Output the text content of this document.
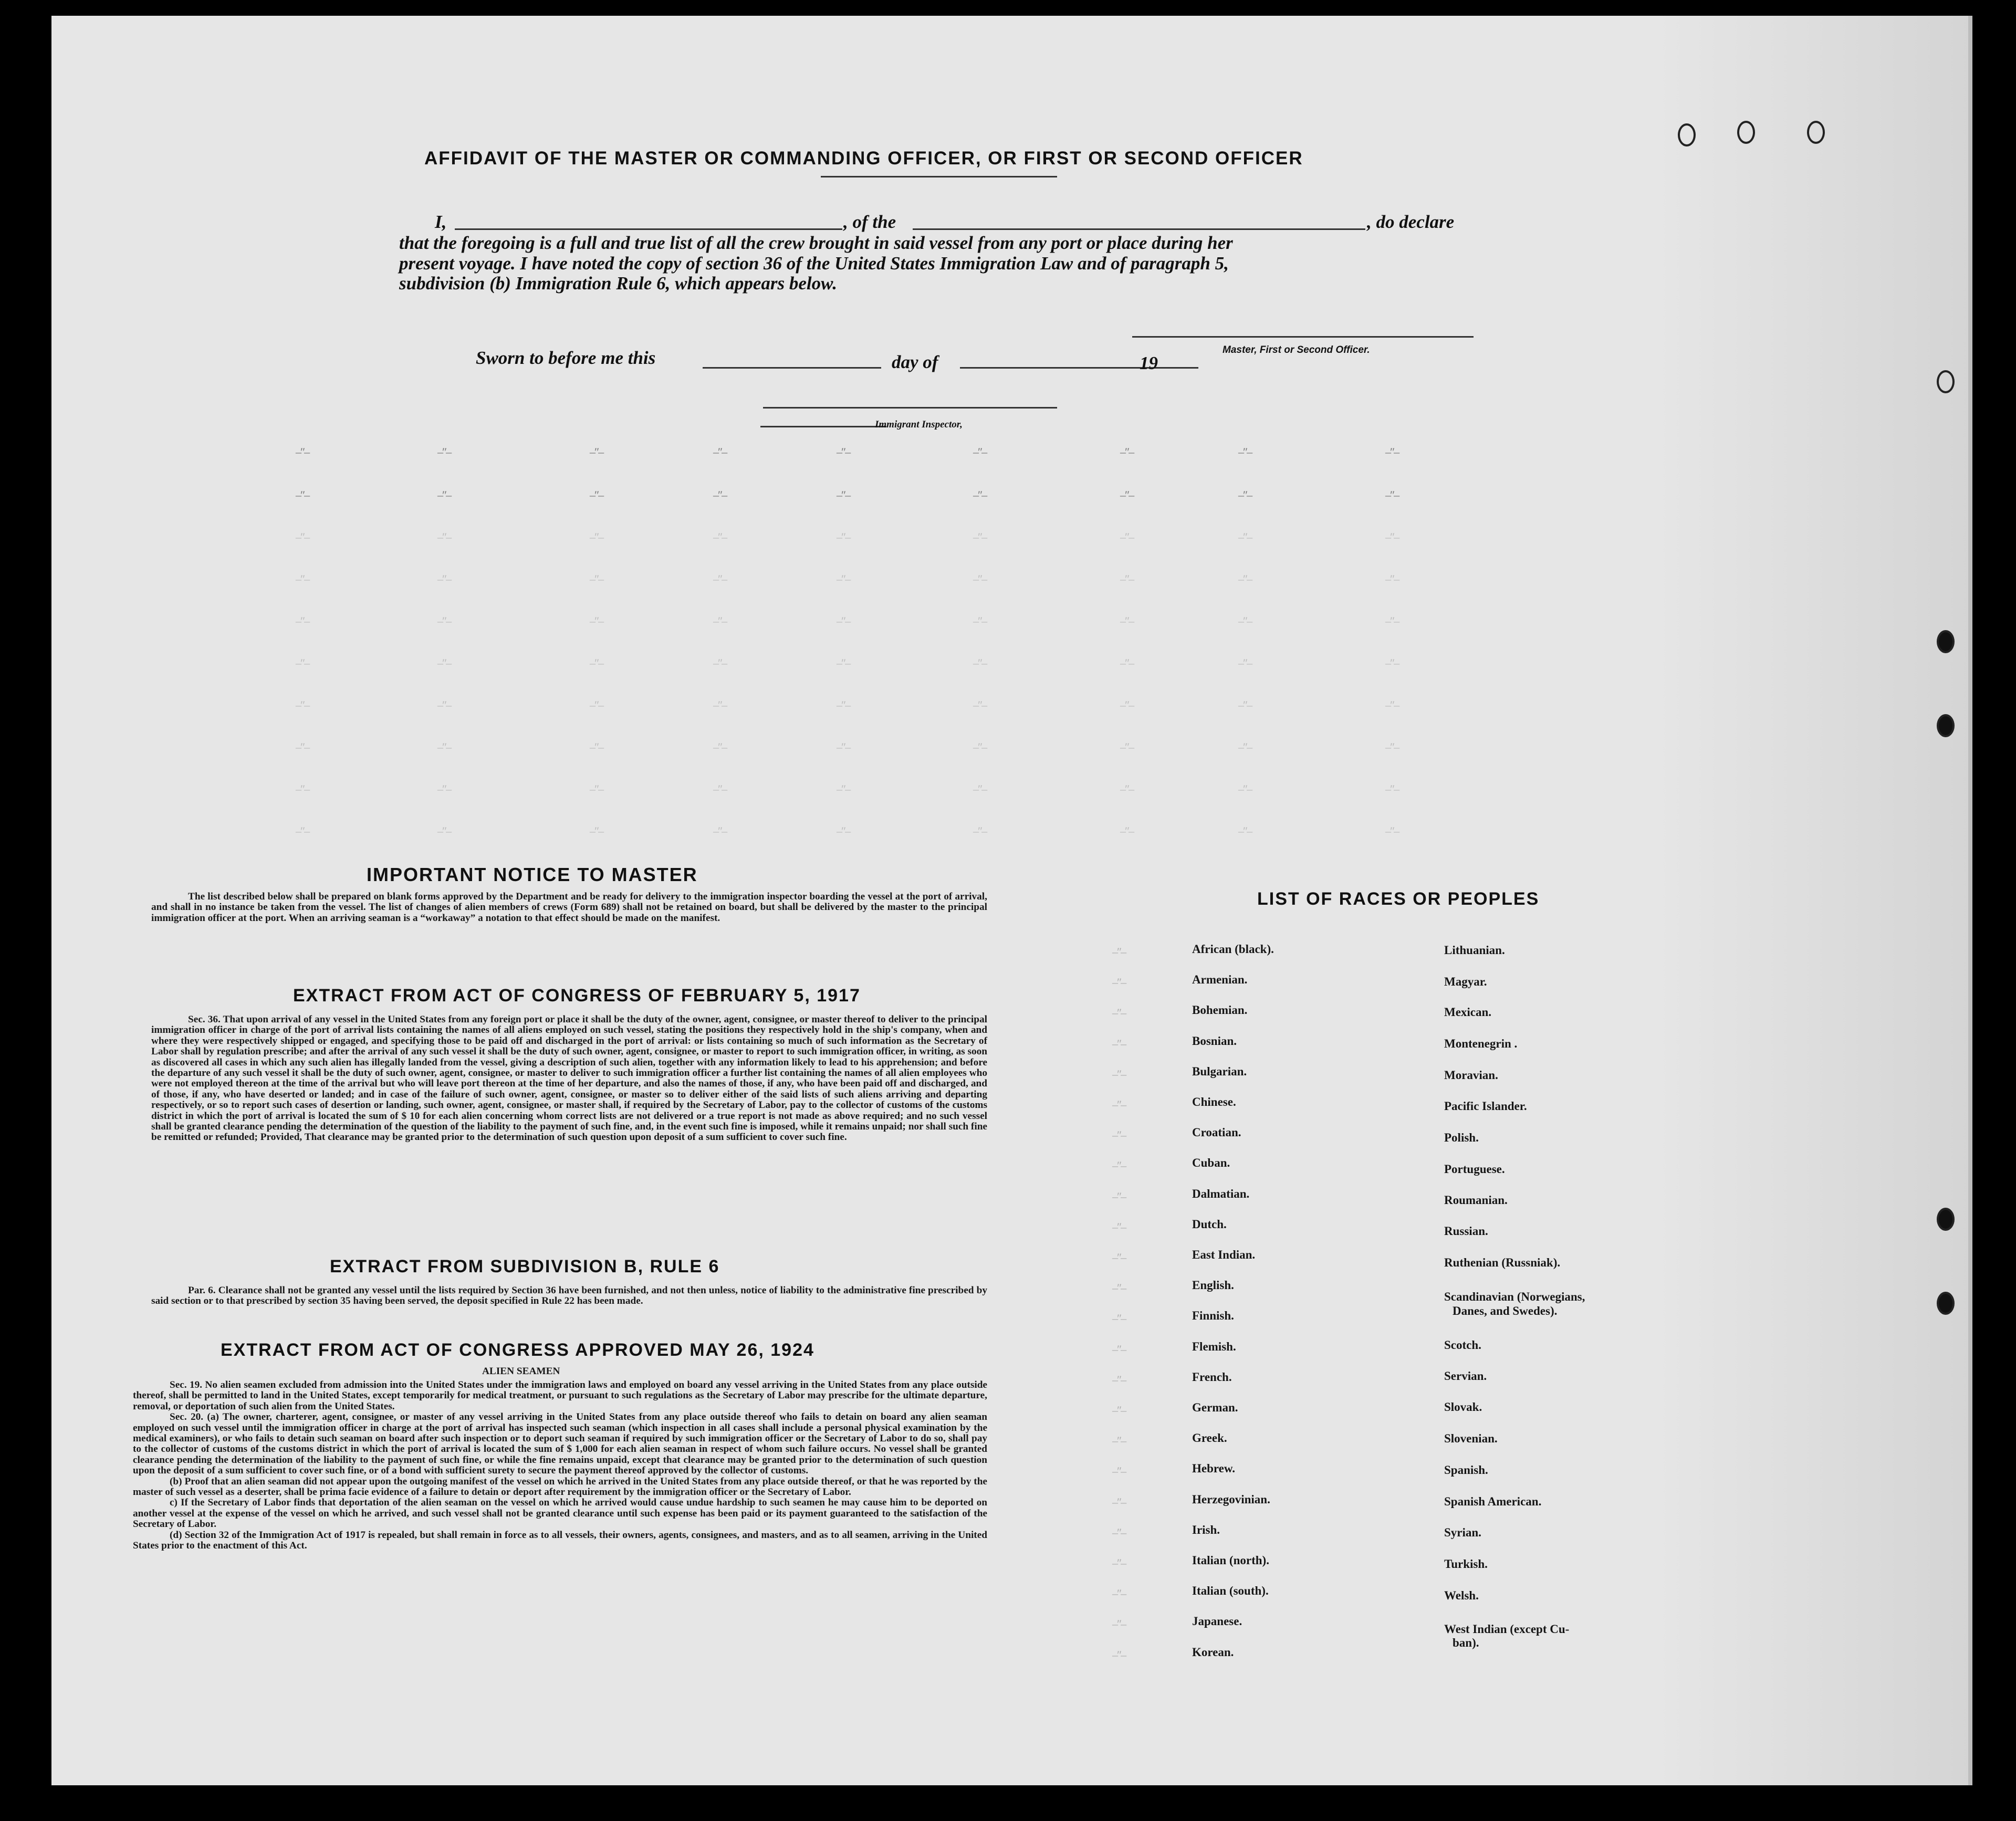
AFFIDAVIT OF THE MASTER OR COMMANDING OFFICER, OR FIRST OR SECOND OFFICER
I,	, of the	, do declare
that the foregoing is a full and true list of all the crew brought in said vessel from any port or place during her
present voyage. I have noted the copy of section 36 of the United States Immigration Law and of paragraph 5,
subdivision (b) Immigration Rule 6, which appears below.
Master, First or Second Officer.
Sworn to before me this	day of	19
Immigrant Inspector,
IMPORTANT NOTICE TO MASTER

The list described below shall be prepared on blank forms approved by the Department and be ready for delivery to the immigration inspector boarding the vessel at the port of arrival, and shall in no instance be taken from the vessel. The list of changes of alien members of crews (Form 689) shall not be retained on board, but shall be delivered by the master to the principal immigration officer at the port. When an arriving seaman is a “workaway” a notation to that effect should be made on the manifest.

EXTRACT FROM ACT OF CONGRESS OF FEBRUARY 5, 1917

Sec. 36. That upon arrival of any vessel in the United States from any foreign port or place it shall be the duty of the owner, agent, consignee, or master thereof to deliver to the principal immigration officer in charge of the port of arrival lists containing the names of all aliens employed on such vessel, stating the positions they respectively hold in the ship's company, when and where they were respectively shipped or engaged, and specifying those to be paid off and discharged in the port of arrival: or lists containing so much of such information as the Secretary of Labor shall by regulation prescribe; and after the arrival of any such vessel it shall be the duty of such owner, agent, consignee, or master to report to such immigration officer, in writing, as soon as discovered all cases in which any such alien has illegally landed from the vessel, giving a description of such alien, together with any information likely to lead to his apprehension; and before the departure of any such vessel it shall be the duty of such owner, agent, consignee, or master to deliver to such immigration officer a further list containing the names of all alien employees who were not employed thereon at the time of the arrival but who will leave port thereon at the time of her departure, and also the names of those, if any, who have been paid off and discharged, and of those, if any, who have deserted or landed; and in case of the failure of such owner, agent, consignee, or master so to deliver either of the said lists of such aliens arriving and departing respectively, or so to report such cases of desertion or landing, such owner, agent, consignee, or master shall, if required by the Secretary of Labor, pay to the collector of customs of the customs district in which the port of arrival is located the sum of $ 10 for each alien concerning whom correct lists are not delivered or a true report is not made as above required; and no such vessel shall be granted clearance pending the determination of the question of the liability to the payment of such fine, and, in the event such fine is imposed, while it remains unpaid; nor shall such fine be remitted or refunded; Provided, That clearance may be granted prior to the determination of such question upon deposit of a sum sufficient to cover such fine.

EXTRACT FROM SUBDIVISION B, RULE 6

Par. 6. Clearance shall not be granted any vessel until the lists required by Section 36 have been furnished, and not then unless, notice of liability to the administrative fine prescribed by said section or to that prescribed by section 35 having been served, the deposit specified in Rule 22 has been made.

EXTRACT FROM ACT OF CONGRESS APPROVED MAY 26, 1924
ALIEN SEAMEN

Sec. 19. No alien seamen excluded from admission into the United States under the immigration laws and employed on board any vessel arriving in the United States from any place outside thereof, shall be permitted to land in the United States, except temporarily for medical treatment, or pursuant to such regulations as the Secretary of Labor may prescribe for the ultimate departure, removal, or deportation of such alien from the United States.

Sec. 20. (a) The owner, charterer, agent, consignee, or master of any vessel arriving in the United States from any place outside thereof who fails to detain on board any alien seaman employed on such vessel until the immigration officer in charge at the port of arrival has inspected such seaman (which inspection in all cases shall include a personal physical examination by the medical examiners), or who fails to detain such seaman on board after such inspection or to deport such seaman if required by such immigration officer or the Secretary of Labor to do so, shall pay to the collector of customs of the customs district in which the port of arrival is located the sum of $ 1,000 for each alien seaman in respect of whom such failure occurs. No vessel shall be granted clearance pending the determination of the liability to the payment of such fine, or while the fine remains unpaid, except that clearance may be granted prior to the determination of such question upon the deposit of a sum sufficient to cover such fine, or of a bond with sufficient surety to secure the payment thereof approved by the collector of customs.

(b) Proof that an alien seaman did not appear upon the outgoing manifest of the vessel on which he arrived in the United States from any place outside thereof, or that he was reported by the master of such vessel as a deserter, shall be prima facie evidence of a failure to detain or deport after requirement by the immigration officer or the Secretary of Labor.

c) If the Secretary of Labor finds that deportation of the alien seaman on the vessel on which he arrived would cause undue hardship to such seamen he may cause him to be deported on another vessel at the expense of the vessel on which he arrived, and such vessel shall not be granted clearance until such expense has been paid or its payment guaranteed to the satisfaction of the Secretary of Labor.

(d) Section 32 of the Immigration Act of 1917 is repealed, but shall remain in force as to all vessels, their owners, agents, consignees, and masters, and as to all seamen, arriving in the United States prior to the enactment of this Act.

LIST OF RACES OR PEOPLES
African (black).
Armenian.
Bohemian.
Bosnian.
Bulgarian.
Chinese.
Croatian.
Cuban.
Dalmatian.
Dutch.
East Indian.
English.
Finnish.
Flemish.
French.
German.
Greek.
Hebrew.
Herzegovinian.
Irish.
Italian (north).
Italian (south).
Japanese.
Korean.
Lithuanian.
Magyar.
Mexican.
Montenegrin .
Moravian.
Pacific Islander.
Polish.
Portuguese.
Roumanian.
Russian.
Ruthenian (Russniak).
Scandinavian (Norwegians,
Danes, and Swedes).
Scotch.
Servian.
Slovak.
Slovenian.
Spanish.
Spanish American.
Syrian.
Turkish.
Welsh.
West Indian (except Cu-
ban).
–″–	–″–	–″–	–″–	–″–	–″–	–″–	–″–	–″–
–″–	–″–	–″–	–″–	–″–	–″–	–″–	–″–	–″–
–″–	–″–	–″–	–″–	–″–	–″–	–″–	–″–	–″–
–″–	–″–	–″–	–″–	–″–	–″–	–″–	–″–	–″–
–″–	–″–	–″–	–″–	–″–	–″–	–″–	–″–	–″–
–″–	–″–	–″–	–″–	–″–	–″–	–″–	–″–	–″–
–″–	–″–	–″–	–″–	–″–	–″–	–″–	–″–	–″–
–″–	–″–	–″–	–″–	–″–	–″–	–″–	–″–	–″–
–″–	–″–	–″–	–″–	–″–	–″–	–″–	–″–	–″–
–″–	–″–	–″–	–″–	–″–	–″–	–″–	–″–	–″–
–″–
–″–
–″–
–″–
–″–
–″–
–″–
–″–
–″–
–″–
–″–
–″–
–″–
–″–
–″–
–″–
–″–
–″–
–″–
–″–
–″–
–″–
–″–
–″–
